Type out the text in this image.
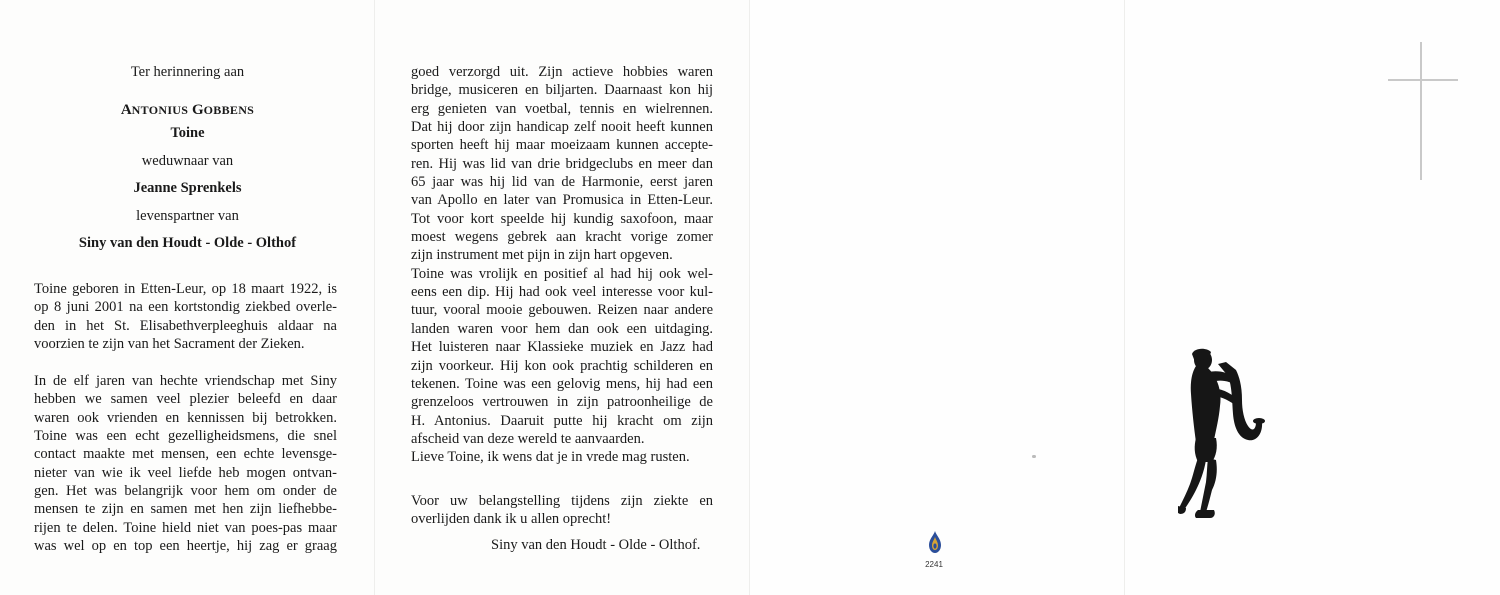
Ter herinnering aan
ANTONIUS GOBBENS
Toine
weduwnaar van
Jeanne Sprenkels
levenspartner van
Siny van den Houdt - Olde - Olthof
Toine geboren in Etten-Leur, op 18 maart 1922, is
op 8 juni 2001 na een kortstondig ziekbed overle-
den in het St. Elisabethverpleeghuis aldaar na
voorzien te zijn van het Sacrament der Zieken.
In de elf jaren van hechte vriendschap met Siny
hebben we samen veel plezier beleefd en daar
waren ook vrienden en kennissen bij betrokken.
Toine was een echt gezelligheidsmens, die snel
contact maakte met mensen, een echte levensge-
nieter van wie ik veel liefde heb mogen ontvan-
gen. Het was belangrijk voor hem om onder de
mensen te zijn en samen met hen zijn liefhebbe-
rijen te delen. Toine hield niet van poes-pas maar
was wel op en top een heertje, hij zag er graag
goed verzorgd uit. Zijn actieve hobbies waren
bridge, musiceren en biljarten. Daarnaast kon hij
erg genieten van voetbal, tennis en wielrennen.
Dat hij door zijn handicap zelf nooit heeft kunnen
sporten heeft hij maar moeizaam kunnen accepte-
ren. Hij was lid van drie bridgeclubs en meer dan
65 jaar was hij lid van de Harmonie, eerst jaren
van Apollo en later van Promusica in Etten-Leur.
Tot voor kort speelde hij kundig saxofoon, maar
moest wegens gebrek aan kracht vorige zomer
zijn instrument met pijn in zijn hart opgeven.
Toine was vrolijk en positief al had hij ook wel-
eens een dip. Hij had ook veel interesse voor kul-
tuur, vooral mooie gebouwen. Reizen naar andere
landen waren voor hem dan ook een uitdaging.
Het luisteren naar Klassieke muziek en Jazz had
zijn voorkeur. Hij kon ook prachtig schilderen en
tekenen. Toine was een gelovig mens, hij had een
grenzeloos vertrouwen in zijn patroonheilige de
H. Antonius. Daaruit putte hij kracht om zijn
afscheid van deze wereld te aanvaarden.
Lieve Toine, ik wens dat je in vrede mag rusten.
Voor uw belangstelling tijdens zijn ziekte en
overlijden dank ik u allen oprecht!
Siny van den Houdt - Olde - Olthof.
2241
